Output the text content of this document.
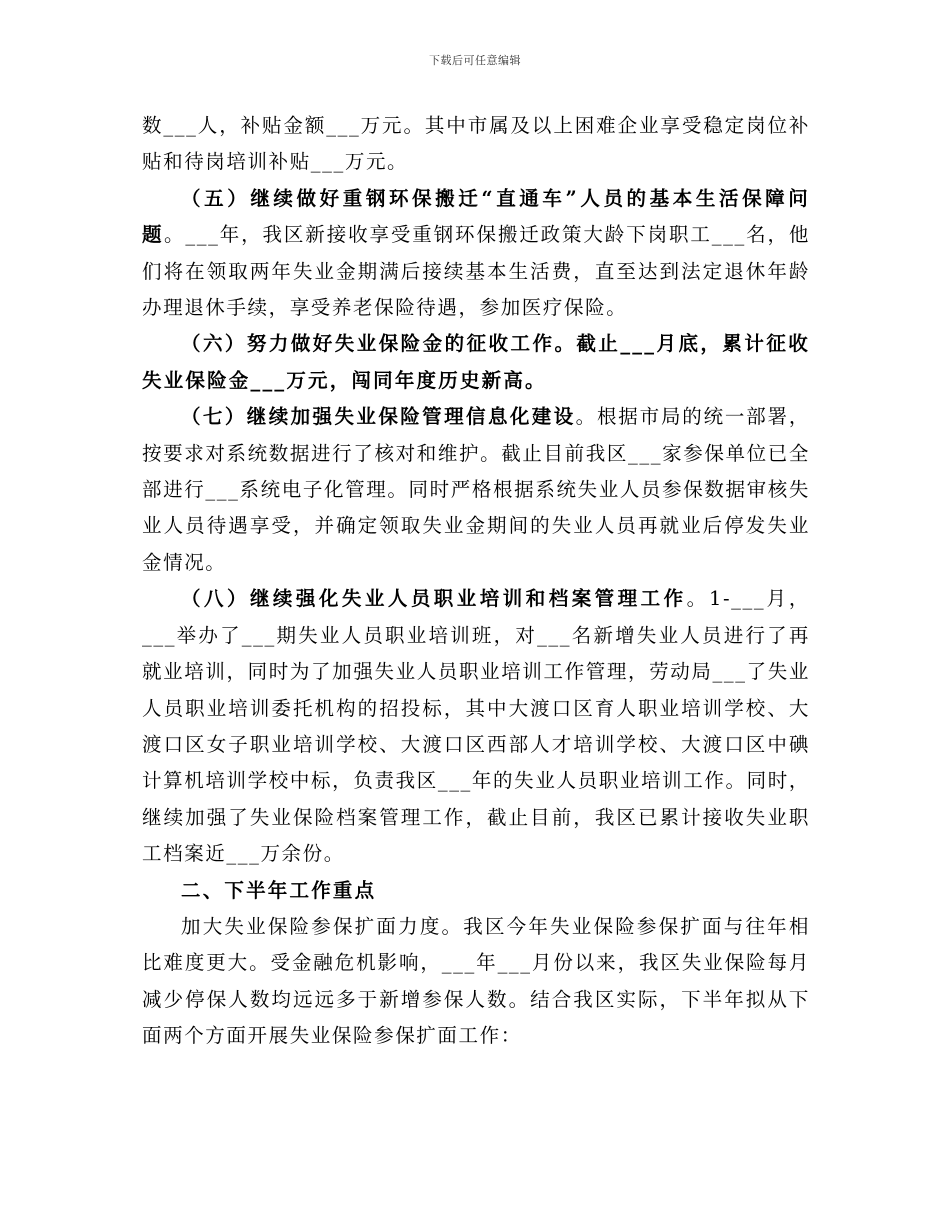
下载后可任意编辑

数___人，补贴金额___万元。其中市属及以上困难企业享受稳定岗位补贴和待岗培训补贴___万元。

（五）继续做好重钢环保搬迁“直通车”人员的基本生活保障问题。___年，我区新接收享受重钢环保搬迁政策大龄下岗职工___名，他们将在领取两年失业金期满后接续基本生活费，直至达到法定退休年龄办理退休手续，享受养老保险待遇，参加医疗保险。

（六）努力做好失业保险金的征收工作。截止___月底，累计征收失业保险金___万元，闯同年度历史新高。

（七）继续加强失业保险管理信息化建设。根据市局的统一部署，按要求对系统数据进行了核对和维护。截止目前我区___家参保单位已全部进行___系统电子化管理。同时严格根据系统失业人员参保数据审核失业人员待遇享受，并确定领取失业金期间的失业人员再就业后停发失业金情况。

（八）继续强化失业人员职业培训和档案管理工作。1-___月，___举办了___期失业人员职业培训班，对___名新增失业人员进行了再就业培训，同时为了加强失业人员职业培训工作管理，劳动局___了失业人员职业培训委托机构的招投标，其中大渡口区育人职业培训学校、大渡口区女子职业培训学校、大渡口区西部人才培训学校、大渡口区中碘计算机培训学校中标，负责我区___年的失业人员职业培训工作。同时，继续加强了失业保险档案管理工作，截止目前，我区已累计接收失业职工档案近___万余份。

二、下半年工作重点

加大失业保险参保扩面力度。我区今年失业保险参保扩面与往年相比难度更大。受金融危机影响，___年___月份以来，我区失业保险每月减少停保人数均远远多于新增参保人数。结合我区实际，下半年拟从下面两个方面开展失业保险参保扩面工作：
